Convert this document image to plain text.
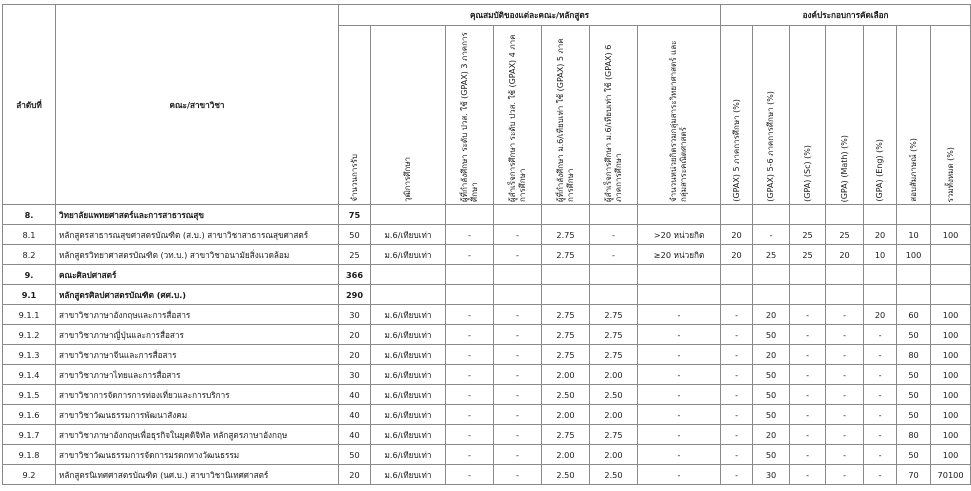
ลำดับที่	คณะ/สาขาวิชา	คุณสมบัติของแต่ละคณะ/หลักสูตร							องค์ประกอบการคัดเลือก						
		จำนวนการรับ	วุฒิการศึกษา	ผู้ที่กำลังศึกษา ระดับ ปวส. ใช้ (GPAX) 3 ภาคการศึกษา	ผู้สำเร็จการศึกษา ระดับ ปวส. ใช้ (GPAX) 4 ภาคการศึกษา	ผู้ที่กำลังศึกษา ม.6/เทียบเท่า ใช้ (GPAX) 5 ภาคการศึกษา	ผู้สำเร็จการศึกษา ม.6/เทียบเท่า ใช้ (GPAX) 6 ภาคการศึกษา	จำนวนหน่วยกิตรวมกลุ่มสาระวิทยาศาสตร์ และกลุ่มสาระคณิตศาสตร์	(GPAX) 5 ภาคการศึกษา (%)	(GPAX) 5-6 ภาคการศึกษา (%)	(GPA) (Sc) (%)	(GPA) (Math) (%)	(GPA) (Eng) (%)	สอบสัมภาษณ์ (%)	รวมทั้งหมด (%)
8.	วิทยาลัยแพทยศาสตร์และการสาธารณสุข	75													
8.1	หลักสูตรสาธารณสุขศาสตรบัณฑิต (ส.บ.) สาขาวิชาสาธารณสุขศาสตร์	50	ม.6/เทียบเท่า	-	-	2.75	-	>20 หน่วยกิต	20	-	25	25	20	10	100
8.2	หลักสูตรวิทยาศาสตรบัณฑิต (วท.บ.) สาขาวิชาอนามัยสิ่งแวดล้อม	25	ม.6/เทียบเท่า	-	-	2.75	-	≥20 หน่วยกิต	20	25	25	20	10	100	
9.	คณะศิลปศาสตร์	366													
9.1	หลักสูตรศิลปศาสตรบัณฑิต (ศศ.บ.)	290													
9.1.1	สาขาวิชาภาษาอังกฤษและการสื่อสาร	30	ม.6/เทียบเท่า	-	-	2.75	2.75	-	-	20	-	-	20	60	100
9.1.2	สาขาวิชาภาษาญี่ปุ่นและการสื่อสาร	20	ม.6/เทียบเท่า	-	-	2.75	2.75	-	-	50	-	-	-	50	100
9.1.3	สาขาวิชาภาษาจีนและการสื่อสาร	20	ม.6/เทียบเท่า	-	-	2.75	2.75	-	-	20	-	-	-	80	100
9.1.4	สาขาวิชาภาษาไทยและการสื่อสาร	30	ม.6/เทียบเท่า	-	-	2.00	2.00	-	-	50	-	-	-	50	100
9.1.5	สาขาวิชาการจัดการการท่องเที่ยวและการบริการ	40	ม.6/เทียบเท่า	-	-	2.50	2.50	-	-	50	-	-	-	50	100
9.1.6	สาขาวิชาวัฒนธรรมการพัฒนาสังคม	40	ม.6/เทียบเท่า	-	-	2.00	2.00	-	-	50	-	-	-	50	100
9.1.7	สาขาวิชาภาษาอังกฤษเพื่อธุรกิจในยุคดิจิทัล หลักสูตรภาษาอังกฤษ	40	ม.6/เทียบเท่า	-	-	2.75	2.75	-	-	20	-	-	-	80	100
9.1.8	สาขาวิชาวัฒนธรรมการจัดการมรดกทางวัฒนธรรม	50	ม.6/เทียบเท่า	-	-	2.00	2.00	-	-	50	-	-	-	50	100
9.2	หลักสูตรนิเทศศาสตรบัณฑิต (นศ.บ.) สาขาวิชานิเทศศาสตร์	20	ม.6/เทียบเท่า	-	-	2.50	2.50	-	-	30	-	-	-	70	70100
